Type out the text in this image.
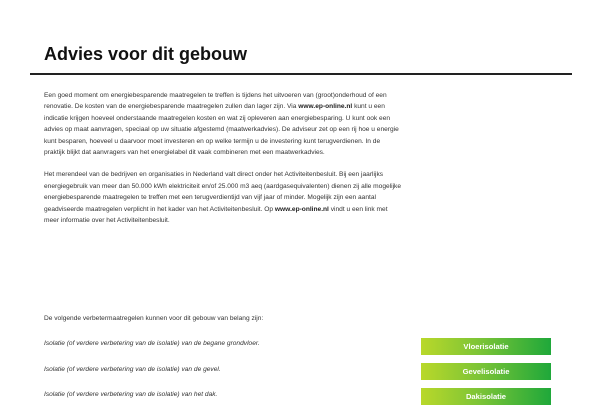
Advies voor dit gebouw

Een goed moment om energiebesparende maatregelen te treffen is tijdens het uitvoeren van (groot)onderhoud of een renovatie. De kosten van de energiebesparende maatregelen zullen dan lager zijn. Via www.ep-online.nl kunt u een indicatie krijgen hoeveel onderstaande maatregelen kosten en wat zij opleveren aan energiebesparing. U kunt ook een advies op maat aanvragen, speciaal op uw situatie afgestemd (maatwerkadvies). De adviseur zet op een rij hoe u energie kunt besparen, hoeveel u daarvoor moet investeren en op welke termijn u de investering kunt terugverdienen. In de praktijk blijkt dat aanvragers van het energielabel dit vaak combineren met een maatwerkadvies.

Het merendeel van de bedrijven en organisaties in Nederland valt direct onder het Activiteitenbesluit. Bij een jaarlijks energiegebruik van meer dan 50.000 kWh elektriciteit en/of 25.000 m3 aeq (aardgasequivalenten) dienen zij alle mogelijke energiebesparende maatregelen te treffen met een terugverdientijd van vijf jaar of minder. Mogelijk zijn een aantal geadviseerde maatregelen verplicht in het kader van het Activiteitenbesluit. Op www.ep-online.nl vindt u een link met meer informatie over het Activiteitenbesluit.

De volgende verbetermaatregelen kunnen voor dit gebouw van belang zijn:
Isolatie (of verdere verbetering van de isolatie) van de begane grondvloer.
Isolatie (of verdere verbetering van de isolatie) van de gevel.
Isolatie (of verdere verbetering van de isolatie) van het dak.
Vloerisolatie
Gevelisolatie
Dakisolatie
